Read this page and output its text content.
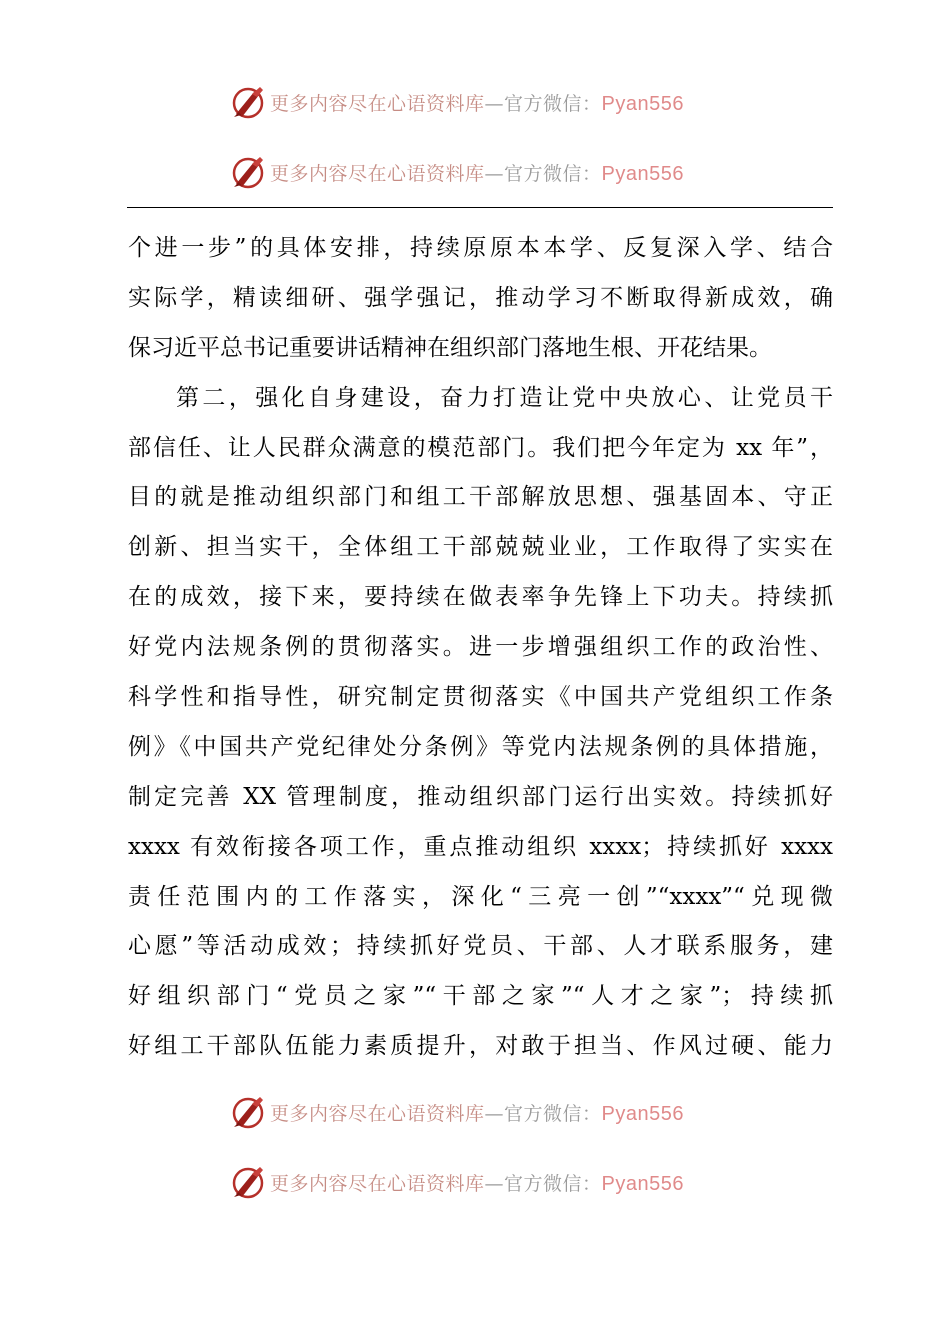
更多内容尽在心语资料库—官方微信：Pyan556
更多内容尽在心语资料库—官方微信：Pyan556
个进一步”的具体安排，持续原原本本学、反复深入学、结合
实际学，精读细研、强学强记，推动学习不断取得新成效，确
保习近平总书记重要讲话精神在组织部门落地生根、开花结果。
第二，强化自身建设，奋力打造让党中央放心、让党员干
部信任、让人民群众满意的模范部门。我们把今年定为 xx 年”，
目的就是推动组织部门和组工干部解放思想、强基固本、守正
创新、担当实干，全体组工干部兢兢业业，工作取得了实实在
在的成效，接下来，要持续在做表率争先锋上下功夫。持续抓
好党内法规条例的贯彻落实。进一步增强组织工作的政治性、
科学性和指导性，研究制定贯彻落实《中国共产党组织工作条
例》《中国共产党纪律处分条例》等党内法规条例的具体措施，
制定完善 XX 管理制度，推动组织部门运行出实效。持续抓好
xxxx 有效衔接各项工作，重点推动组织 xxxx；持续抓好 xxxx
责任范围内的工作落实，深化“三亮一创”“xxxx”“兑现微
心愿”等活动成效；持续抓好党员、干部、人才联系服务，建
好组织部门“党员之家”“干部之家”“人才之家”；持续抓
好组工干部队伍能力素质提升，对敢于担当、作风过硬、能力
更多内容尽在心语资料库—官方微信：Pyan556
更多内容尽在心语资料库—官方微信：Pyan556
